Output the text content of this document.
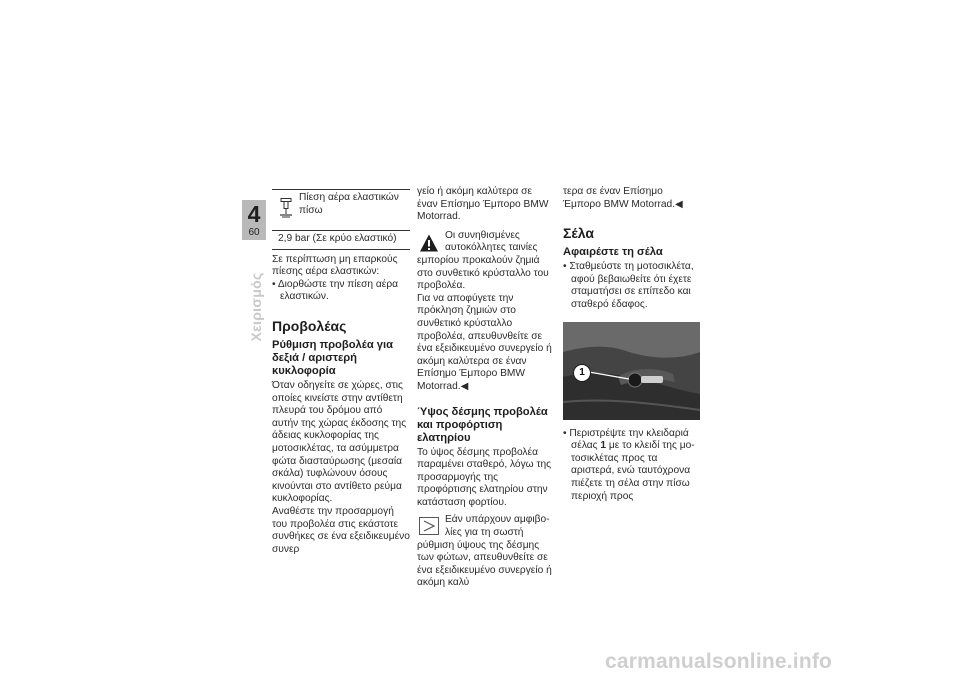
4
60
Χειρισμός
Πίεση αέρα ελαστικών πίσω
2,9 bar (Σε κρύο ελαστικό)

Σε περίπτωση μη επαρκούς πίεσης αέρα ελαστικών:

• Διορθώστε την πίεση αέρα ελαστικών.

Προβολέας
Ρύθμιση προβολέα για δεξιά / αριστερή κυκλοφορία

Όταν οδηγείτε σε χώρες, στις οποίες κινείστε στην αντίθετη πλευρά του δρόμου από αυτήν της χώρας έκδοσης της άδειας κυκλοφορίας της μοτοσικλέτας, τα ασύμμετρα φώτα διασταύρωσης (μεσαία σκάλα) τυφλώνουν όσους κινούνται στο αντίθετο ρεύμα κυκλοφορίας.

Αναθέστε την προσαρμογή του προβολέα στις εκάστοτε συνθήκες σε ένα εξειδικευμένο συνερ

γείο ή ακόμη καλύτερα σε έναν Επίσημο Έμπορο BMW Motorrad.

Οι συνηθισμένες αυτοκόλλητες ταινίες εμπορίου προκαλούν ζημιά στο συνθετικό κρύσταλλο του προβολέα.

Για να αποφύγετε την πρόκληση ζημιών στο συνθετικό κρύσταλλο προβολέα, απευθυνθείτε σε ένα εξειδικευμένο συνεργείο ή ακόμη καλύτερα σε έναν Επίσημο Έμπορο BMW Motorrad.◀

Ύψος δέσμης προβολέα και προφόρτιση ελατηρίου

Το ύψος δέσμης προβολέα παραμένει σταθερό, λόγω της προσαρμογής της προφόρτισης ελατηρίου στην κατάσταση φορτίου.

Εάν υπάρχουν αμφιβολίες για τη σωστή ρύθμιση ύψους της δέσμης των φώτων, απευθυνθείτε σε ένα εξειδικευμένο συνεργείο ή ακόμη καλύ

τερα σε έναν Επίσημο Έμπορο BMW Motorrad.◀

Σέλα
Αφαιρέστε τη σέλα

• Σταθμεύστε τη μοτοσικλέτα, αφού βεβαιωθείτε ότι έχετε σταματήσει σε επίπεδο και σταθερό έδαφος.

1

• Περιστρέψτε την κλειδαριά σέλας 1 με το κλειδί της μοτοσικλέτας προς τα αριστερά, ενώ ταυτόχρονα πιέζετε τη σέλα στην πίσω περιοχή προς

carmanualsonline.info
